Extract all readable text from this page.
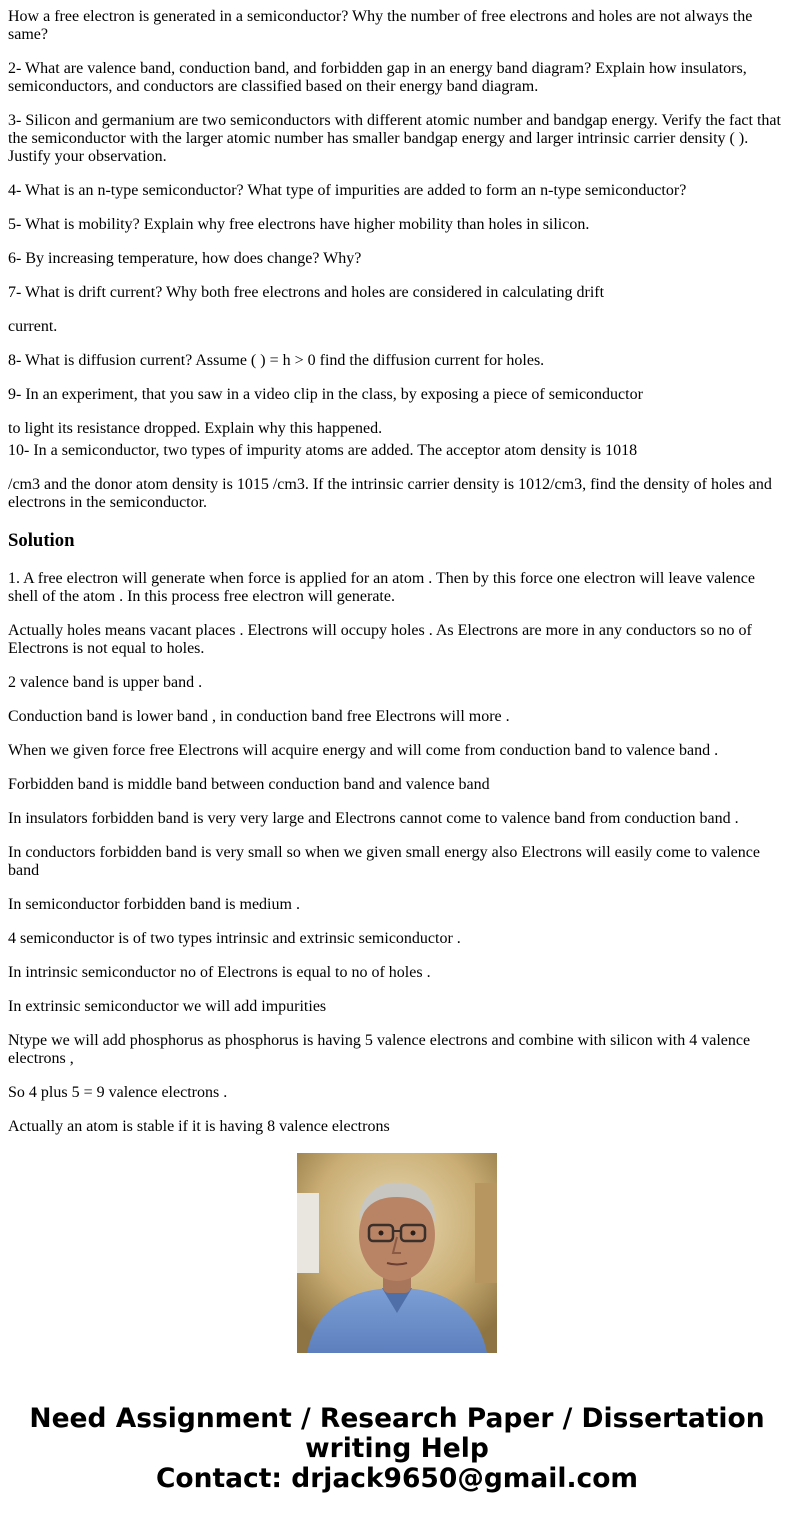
How a free electron is generated in a semiconductor? Why the number of free electrons and holes are not always the same?

2- What are valence band, conduction band, and forbidden gap in an energy band diagram? Explain how insulators, semiconductors, and conductors are classified based on their energy band diagram.

3- Silicon and germanium are two semiconductors with different atomic number and bandgap energy. Verify the fact that the semiconductor with the larger atomic number has smaller bandgap energy and larger intrinsic carrier density ( ). Justify your observation.

4- What is an n-type semiconductor? What type of impurities are added to form an n-type semiconductor?

5- What is mobility? Explain why free electrons have higher mobility than holes in silicon.

6- By increasing temperature, how does change? Why?

7- What is drift current? Why both free electrons and holes are considered in calculating drift

current.

8- What is diffusion current? Assume ( ) = h > 0 find the diffusion current for holes.

9- In an experiment, that you saw in a video clip in the class, by exposing a piece of semiconductor

to light its resistance dropped. Explain why this happened.

10- In a semiconductor, two types of impurity atoms are added. The acceptor atom density is 1018

/cm3 and the donor atom density is 1015 /cm3. If the intrinsic carrier density is 1012/cm3, find the density of holes and electrons in the semiconductor.

Solution

1. A free electron will generate when force is applied for an atom . Then by this force one electron will leave valence shell of the atom . In this process free electron will generate.

Actually holes means vacant places . Electrons will occupy holes . As Electrons are more in any conductors so no of Electrons is not equal to holes.

2 valence band is upper band .

Conduction band is lower band , in conduction band free Electrons will more .

When we given force free Electrons will acquire energy and will come from conduction band to valence band .

Forbidden band is middle band between conduction band and valence band

In insulators forbidden band is very very large and Electrons cannot come to valence band from conduction band .

In conductors forbidden band is very small so when we given small energy also Electrons will easily come to valence band

In semiconductor forbidden band is medium .

4 semiconductor is of two types intrinsic and extrinsic semiconductor .

In intrinsic semiconductor no of Electrons is equal to no of holes .

In extrinsic semiconductor we will add impurities

Ntype we will add phosphorus as phosphorus is having 5 valence electrons and combine with silicon with 4 valence electrons ,

So 4 plus 5 = 9 valence electrons .

Actually an atom is stable if it is having 8 valence electrons

Need Assignment / Research Paper / Dissertation
writing Help
Contact: drjack9650@gmail.com
